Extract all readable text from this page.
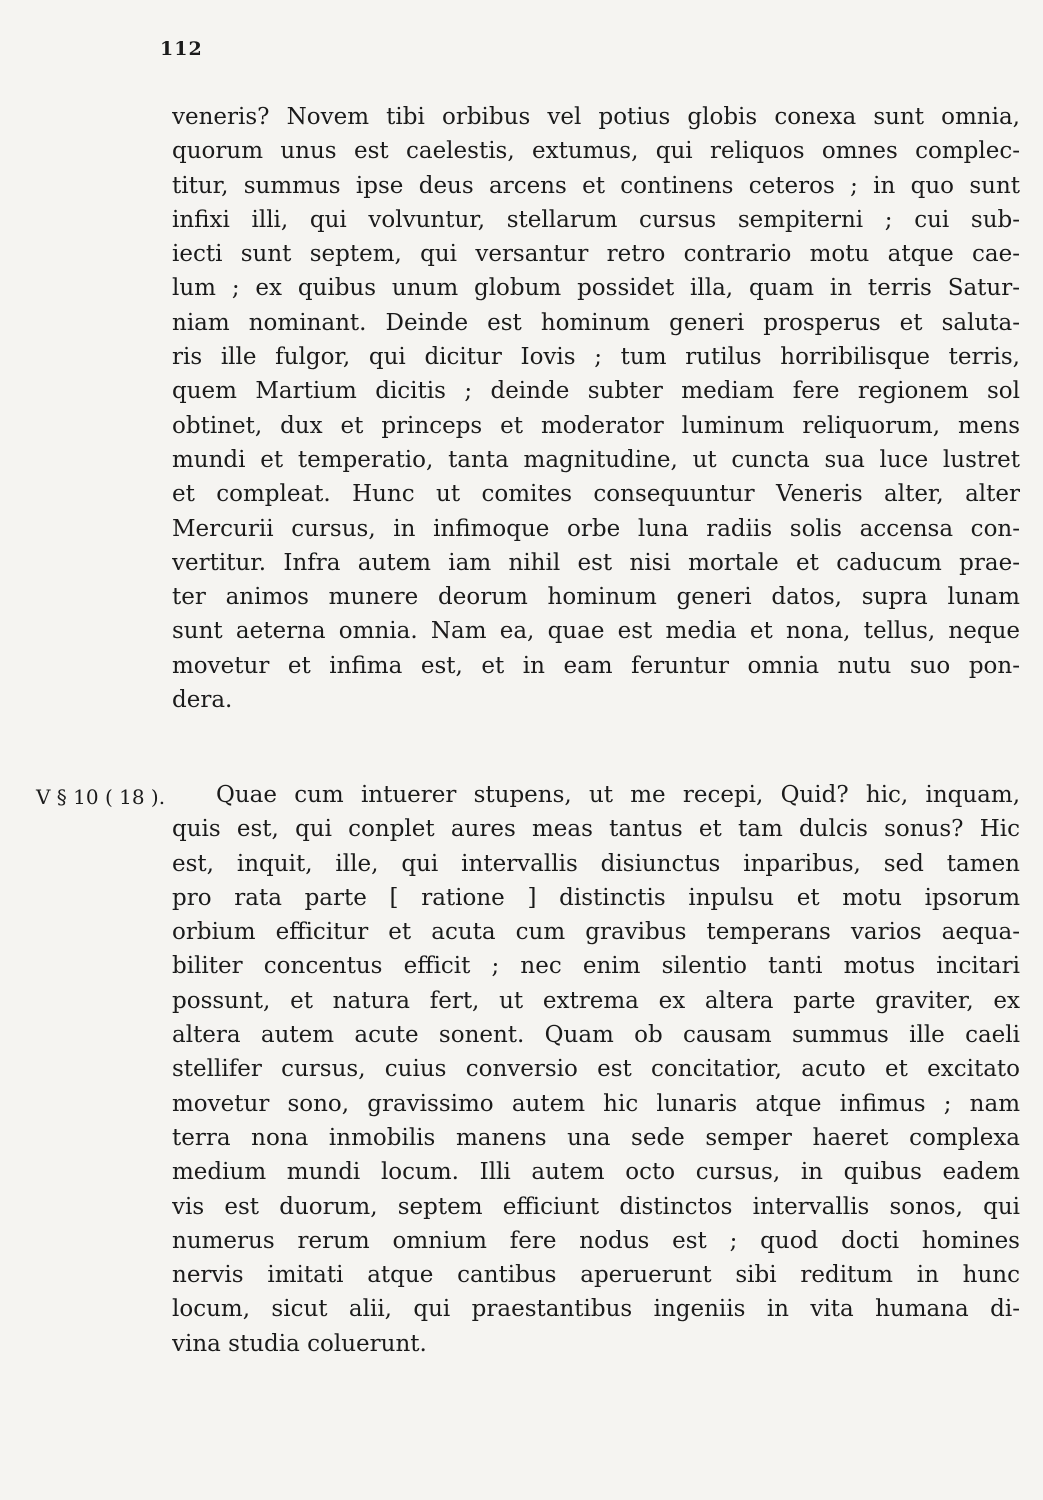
112
veneris? Novem tibi orbibus vel potius globis conexa sunt omnia,
quorum unus est caelestis, extumus, qui reliquos omnes complec-
titur, summus ipse deus arcens et continens ceteros ; in quo sunt
infixi illi, qui volvuntur, stellarum cursus sempiterni ; cui sub-
iecti sunt septem, qui versantur retro contrario motu atque cae-
lum ; ex quibus unum globum possidet illa, quam in terris Satur-
niam nominant. Deinde est hominum generi prosperus et saluta-
ris ille fulgor, qui dicitur Iovis ; tum rutilus horribilisque terris,
quem Martium dicitis ; deinde subter mediam fere regionem sol
obtinet, dux et princeps et moderator luminum reliquorum, mens
mundi et temperatio, tanta magnitudine, ut cuncta sua luce lustret
et compleat. Hunc ut comites consequuntur Veneris alter, alter
Mercurii cursus, in infimoque orbe luna radiis solis accensa con-
vertitur. Infra autem iam nihil est nisi mortale et caducum prae-
ter animos munere deorum hominum generi datos, supra lunam
sunt aeterna omnia. Nam ea, quae est media et nona, tellus, neque
movetur et infima est, et in eam feruntur omnia nutu suo pon-
dera.
V § 10 ( 18 ).	Quae cum intuerer stupens, ut me recepi, Quid? hic, inquam,
quis est, qui conplet aures meas tantus et tam dulcis sonus? Hic
est, inquit, ille, qui intervallis disiunctus inparibus, sed tamen
pro rata parte [ ratione ] distinctis inpulsu et motu ipsorum
orbium efficitur et acuta cum gravibus temperans varios aequa-
biliter concentus efficit ; nec enim silentio tanti motus incitari
possunt, et natura fert, ut extrema ex altera parte graviter, ex
altera autem acute sonent. Quam ob causam summus ille caeli
stellifer cursus, cuius conversio est concitatior, acuto et excitato
movetur sono, gravissimo autem hic lunaris atque infimus ; nam
terra nona inmobilis manens una sede semper haeret complexa
medium mundi locum. Illi autem octo cursus, in quibus eadem
vis est duorum, septem efficiunt distinctos intervallis sonos, qui
numerus rerum omnium fere nodus est ; quod docti homines
nervis imitati atque cantibus aperuerunt sibi reditum in hunc
locum, sicut alii, qui praestantibus ingeniis in vita humana di-
vina studia coluerunt.
